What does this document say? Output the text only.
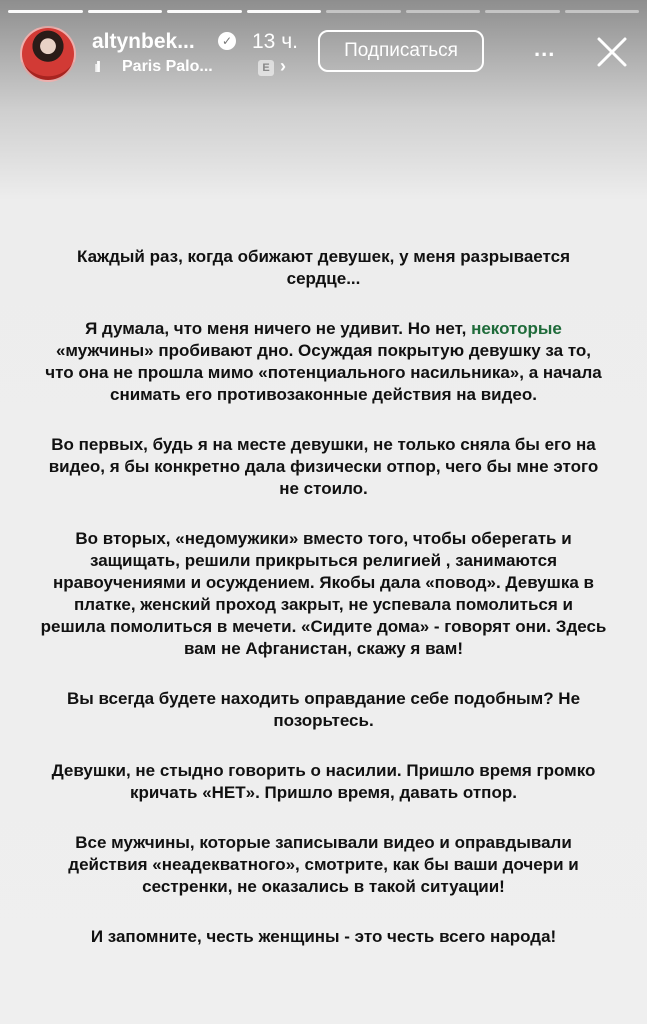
altynbek...	✓ 13 ч.
ıll Paris Palo...	E ›
Подписаться	...

Каждый раз, когда обижают девушек, у меня разрывается сердце...

Я думала, что меня ничего не удивит. Но нет, некоторые «мужчины» пробивают дно. Осуждая покрытую девушку за то, что она не прошла мимо «потенциального насильника», а начала снимать его противозаконные действия на видео.

Во первых, будь я на месте девушки, не только сняла бы его на видео, я бы конкретно дала физически отпор, чего бы мне этого не стоило.

Во вторых, «недомужики» вместо того, чтобы оберегать и защищать, решили прикрыться религией , занимаются нравоучениями и осуждением. Якобы дала «повод». Девушка в платке, женский проход закрыт, не успевала помолиться и решила помолиться в мечети. «Сидите дома» - говорят они. Здесь вам не Афганистан, скажу я вам!

Вы всегда будете находить оправдание себе подобным? Не позорьтесь.

Девушки, не стыдно говорить о насилии. Пришло время громко кричать «НЕТ». Пришло время, давать отпор.

Все мужчины, которые записывали видео и оправдывали действия «неадекватного», смотрите, как бы ваши дочери и сестренки, не оказались в такой ситуации!

И запомните, честь женщины - это честь всего народа!
